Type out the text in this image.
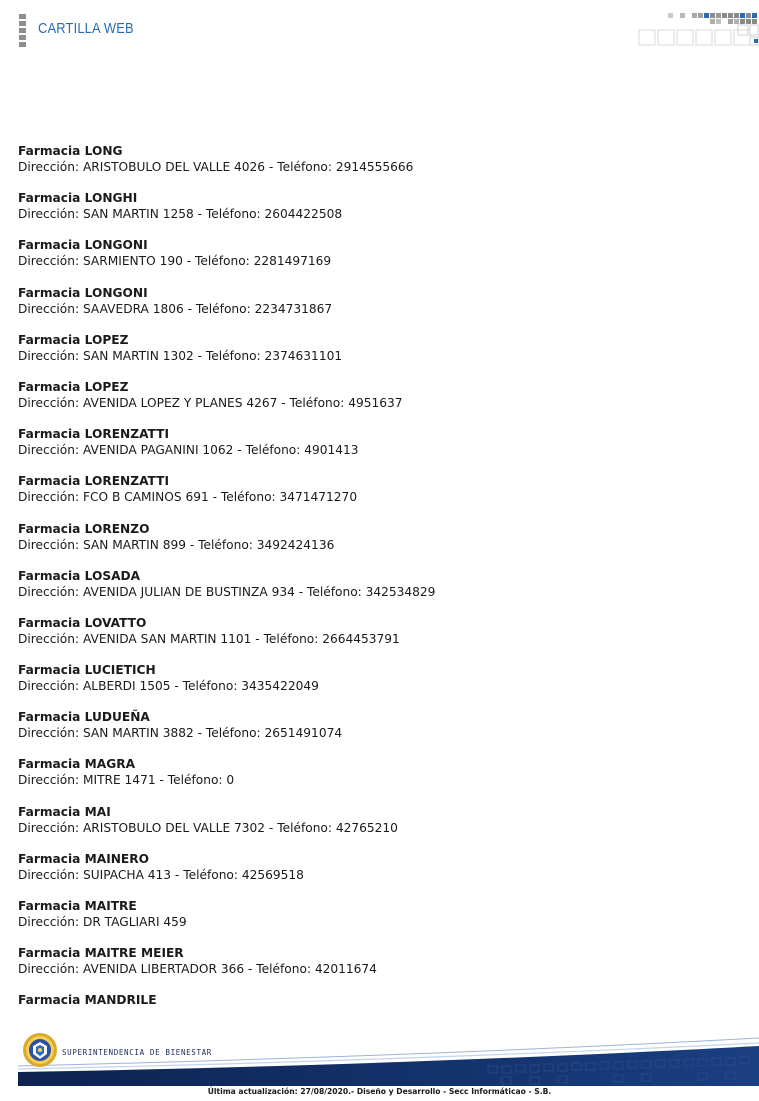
CARTILLA WEB
Farmacia LONG
Dirección: ARISTOBULO DEL VALLE 4026 - Teléfono: 2914555666
Farmacia LONGHI
Dirección: SAN MARTIN 1258 - Teléfono: 2604422508
Farmacia LONGONI
Dirección: SARMIENTO 190 - Teléfono: 2281497169
Farmacia LONGONI
Dirección: SAAVEDRA 1806 - Teléfono: 2234731867
Farmacia LOPEZ
Dirección: SAN MARTIN 1302 - Teléfono: 2374631101
Farmacia LOPEZ
Dirección: AVENIDA LOPEZ Y PLANES 4267 - Teléfono: 4951637
Farmacia LORENZATTI
Dirección: AVENIDA PAGANINI 1062 - Teléfono: 4901413
Farmacia LORENZATTI
Dirección: FCO B CAMINOS 691 - Teléfono: 3471471270
Farmacia LORENZO
Dirección: SAN MARTIN 899 - Teléfono: 3492424136
Farmacia LOSADA
Dirección: AVENIDA JULIAN DE BUSTINZA 934 - Teléfono: 342534829
Farmacia LOVATTO
Dirección: AVENIDA SAN MARTIN 1101 - Teléfono: 2664453791
Farmacia LUCIETICH
Dirección: ALBERDI 1505 - Teléfono: 3435422049
Farmacia LUDUEÑA
Dirección: SAN MARTIN 3882 - Teléfono: 2651491074
Farmacia MAGRA
Dirección: MITRE 1471 - Teléfono: 0
Farmacia MAI
Dirección: ARISTOBULO DEL VALLE 7302 - Teléfono: 42765210
Farmacia MAINERO
Dirección: SUIPACHA 413 - Teléfono: 42569518
Farmacia MAITRE
Dirección: DR TAGLIARI 459
Farmacia MAITRE MEIER
Dirección: AVENIDA LIBERTADOR 366 - Teléfono: 42011674
Farmacia MANDRILE
SUPERINTENDENCIA DE BIENESTAR
Última actualización: 27/08/2020.- Diseño y Desarrollo - Secc Informáticao - S.B.
